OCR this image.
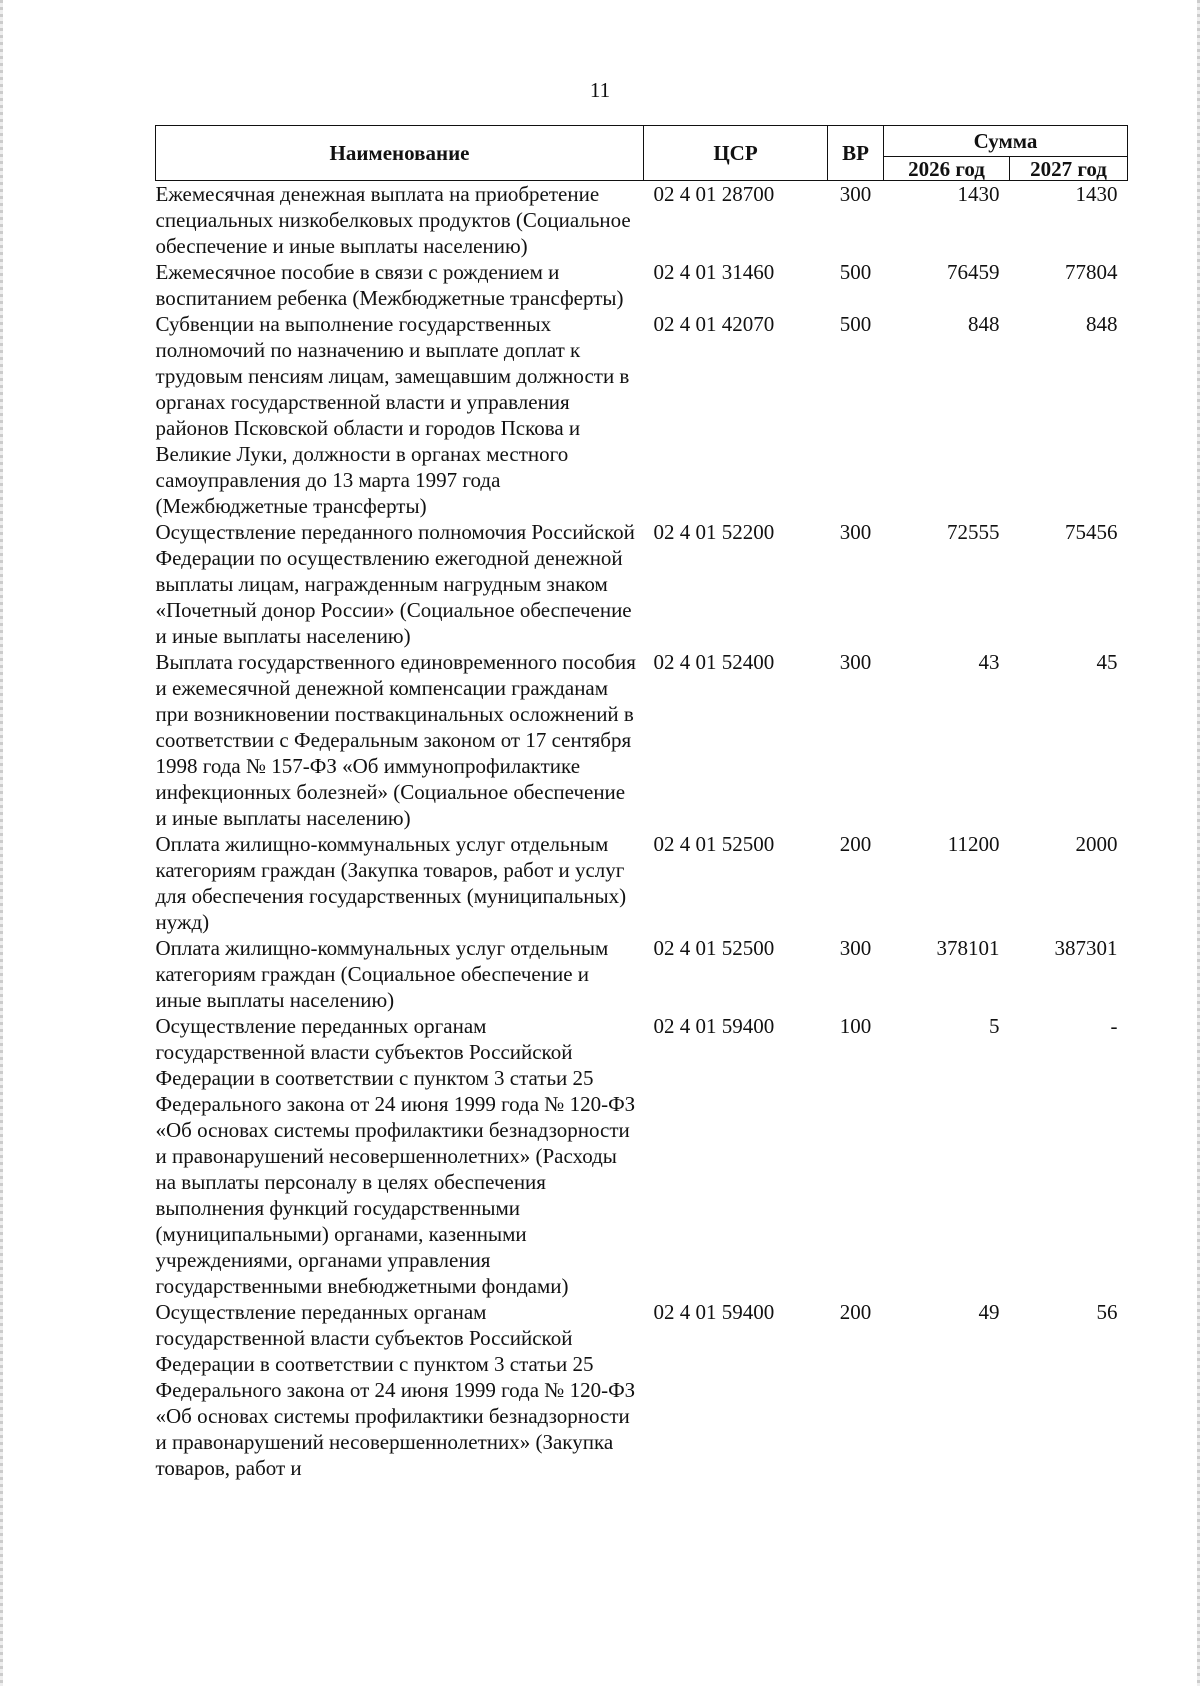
11
Наименование	ЦСР	ВР	Сумма	
			2026 год	2027 год
Ежемесячная денежная выплата на приобретение специальных низкобелковых продуктов (Социальное обеспечение и иные выплаты населению)	02 4 01 28700	300	1430	1430
Ежемесячное пособие в связи с рождением и воспитанием ребенка (Межбюджетные трансферты)	02 4 01 31460	500	76459	77804
Субвенции на выполнение государственных полномочий по назначению и выплате доплат к трудовым пенсиям лицам, замещавшим должности в органах государственной власти и управления районов Псковской области и городов Пскова и Великие Луки, должности в органах местного самоуправления до 13 марта 1997 года (Межбюджетные трансферты)	02 4 01 42070	500	848	848
Осуществление переданного полномочия Российской Федерации по осуществлению ежегодной денежной выплаты лицам, награжденным нагрудным знаком «Почетный донор России» (Социальное обеспечение и иные выплаты населению)	02 4 01 52200	300	72555	75456
Выплата государственного единовременного пособия и ежемесячной денежной компенсации гражданам при возникновении поствакцинальных осложнений в соответствии с Федеральным законом от 17 сентября 1998 года № 157-ФЗ «Об иммунопрофилактике инфекционных болезней» (Социальное обеспечение и иные выплаты населению)	02 4 01 52400	300	43	45
Оплата жилищно-коммунальных услуг отдельным категориям граждан (Закупка товаров, работ и услуг для обеспечения государственных (муниципальных) нужд)	02 4 01 52500	200	11200	2000
Оплата жилищно-коммунальных услуг отдельным категориям граждан (Социальное обеспечение и иные выплаты населению)	02 4 01 52500	300	378101	387301
Осуществление переданных органам государственной власти субъектов Российской Федерации в соответствии с пунктом 3 статьи 25 Федерального закона от 24 июня 1999 года № 120-ФЗ «Об основах системы профилактики безнадзорности и правонарушений несовершеннолетних» (Расходы на выплаты персоналу в целях обеспечения выполнения функций государственными (муниципальными) органами, казенными учреждениями, органами управления государственными внебюджетными фондами)	02 4 01 59400	100	5	-
Осуществление переданных органам государственной власти субъектов Российской Федерации в соответствии с пунктом 3 статьи 25 Федерального закона от 24 июня 1999 года № 120-ФЗ «Об основах системы профилактики безнадзорности и правонарушений несовершеннолетних» (Закупка товаров, работ и	02 4 01 59400	200	49	56
